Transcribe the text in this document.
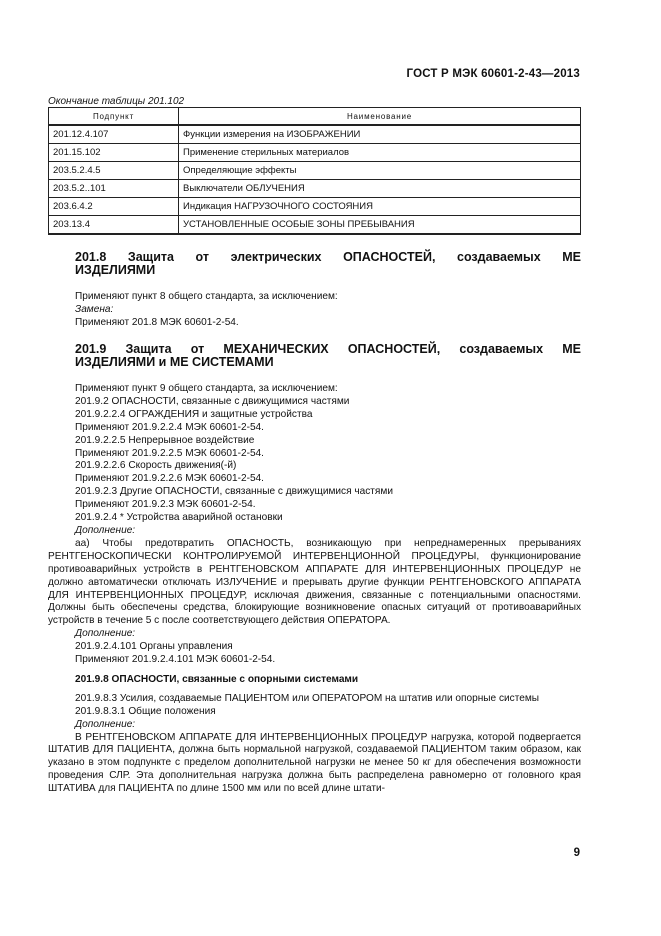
ГОСТ Р МЭК 60601-2-43—2013
Окончание таблицы 201.102
Подпункт	Наименование
201.12.4.107	Функции измерения на ИЗОБРАЖЕНИИ
201.15.102	Применение стерильных материалов
203.5.2.4.5	Определяющие эффекты
203.5.2..101	Выключатели ОБЛУЧЕНИЯ
203.6.4.2	Индикация НАГРУЗОЧНОГО СОСТОЯНИЯ
203.13.4	УСТАНОВЛЕННЫЕ ОСОБЫЕ ЗОНЫ ПРЕБЫВАНИЯ
201.8 Защита от электрических ОПАСНОСТЕЙ, создаваемых МЕ
ИЗДЕЛИЯМИ
Применяют пункт 8 общего стандарта, за исключением:
Замена:
Применяют 201.8 МЭК 60601-2-54.
201.9 Защита от МЕХАНИЧЕСКИХ ОПАСНОСТЕЙ, создаваемых МЕ
ИЗДЕЛИЯМИ и МЕ СИСТЕМАМИ
Применяют пункт 9 общего стандарта, за исключением:
201.9.2 ОПАСНОСТИ, связанные с движущимися частями
201.9.2.2.4 ОГРАЖДЕНИЯ и защитные устройства
Применяют 201.9.2.2.4 МЭК 60601-2-54.
201.9.2.2.5 Непрерывное воздействие
Применяют 201.9.2.2.5 МЭК 60601-2-54.
201.9.2.2.6 Скорость движения(-й)
Применяют 201.9.2.2.6 МЭК 60601-2-54.
201.9.2.3 Другие ОПАСНОСТИ, связанные с движущимися частями
Применяют 201.9.2.3 МЭК 60601-2-54.
201.9.2.4 * Устройства аварийной остановки
Дополнение:
аа) Чтобы предотвратить ОПАСНОСТЬ, возникающую при непреднамеренных прерываниях РЕНТГЕНОСКОПИЧЕСКИ КОНТРОЛИРУЕМОЙ ИНТЕРВЕНЦИОННОЙ ПРОЦЕДУРЫ, функционирование противоаварийных устройств в РЕНТГЕНОВСКОМ АППАРАТЕ ДЛЯ ИНТЕРВЕНЦИОННЫХ ПРОЦЕДУР не должно автоматически отключать ИЗЛУЧЕНИЕ и прерывать другие функции РЕНТГЕНОВСКОГО АППАРАТА ДЛЯ ИНТЕРВЕНЦИОННЫХ ПРОЦЕДУР, исключая движения, связанные с потенциальными опасностями. Должны быть обеспечены средства, блокирующие возникновение опасных ситуаций от противоаварийных устройств в течение 5 с после соответствующего действия ОПЕРАТОРА.
Дополнение:
201.9.2.4.101 Органы управления
Применяют 201.9.2.4.101 МЭК 60601-2-54.
201.9.8 ОПАСНОСТИ, связанные с опорными системами
201.9.8.3 Усилия, создаваемые ПАЦИЕНТОМ или ОПЕРАТОРОМ на штатив или опорные системы
201.9.8.3.1 Общие положения
Дополнение:
В РЕНТГЕНОВСКОМ АППАРАТЕ ДЛЯ ИНТЕРВЕНЦИОННЫХ ПРОЦЕДУР нагрузка, которой подвергается ШТАТИВ ДЛЯ ПАЦИЕНТА, должна быть нормальной нагрузкой, создаваемой ПАЦИЕНТОМ таким образом, как указано в этом подпункте с пределом дополнительной нагрузки не менее 50 кг для обеспечения возможности проведения СЛР. Эта дополнительная нагрузка должна быть распределена равномерно от головного края ШТАТИВА для ПАЦИЕНТА по длине 1500 мм или по всей длине штати-
9
